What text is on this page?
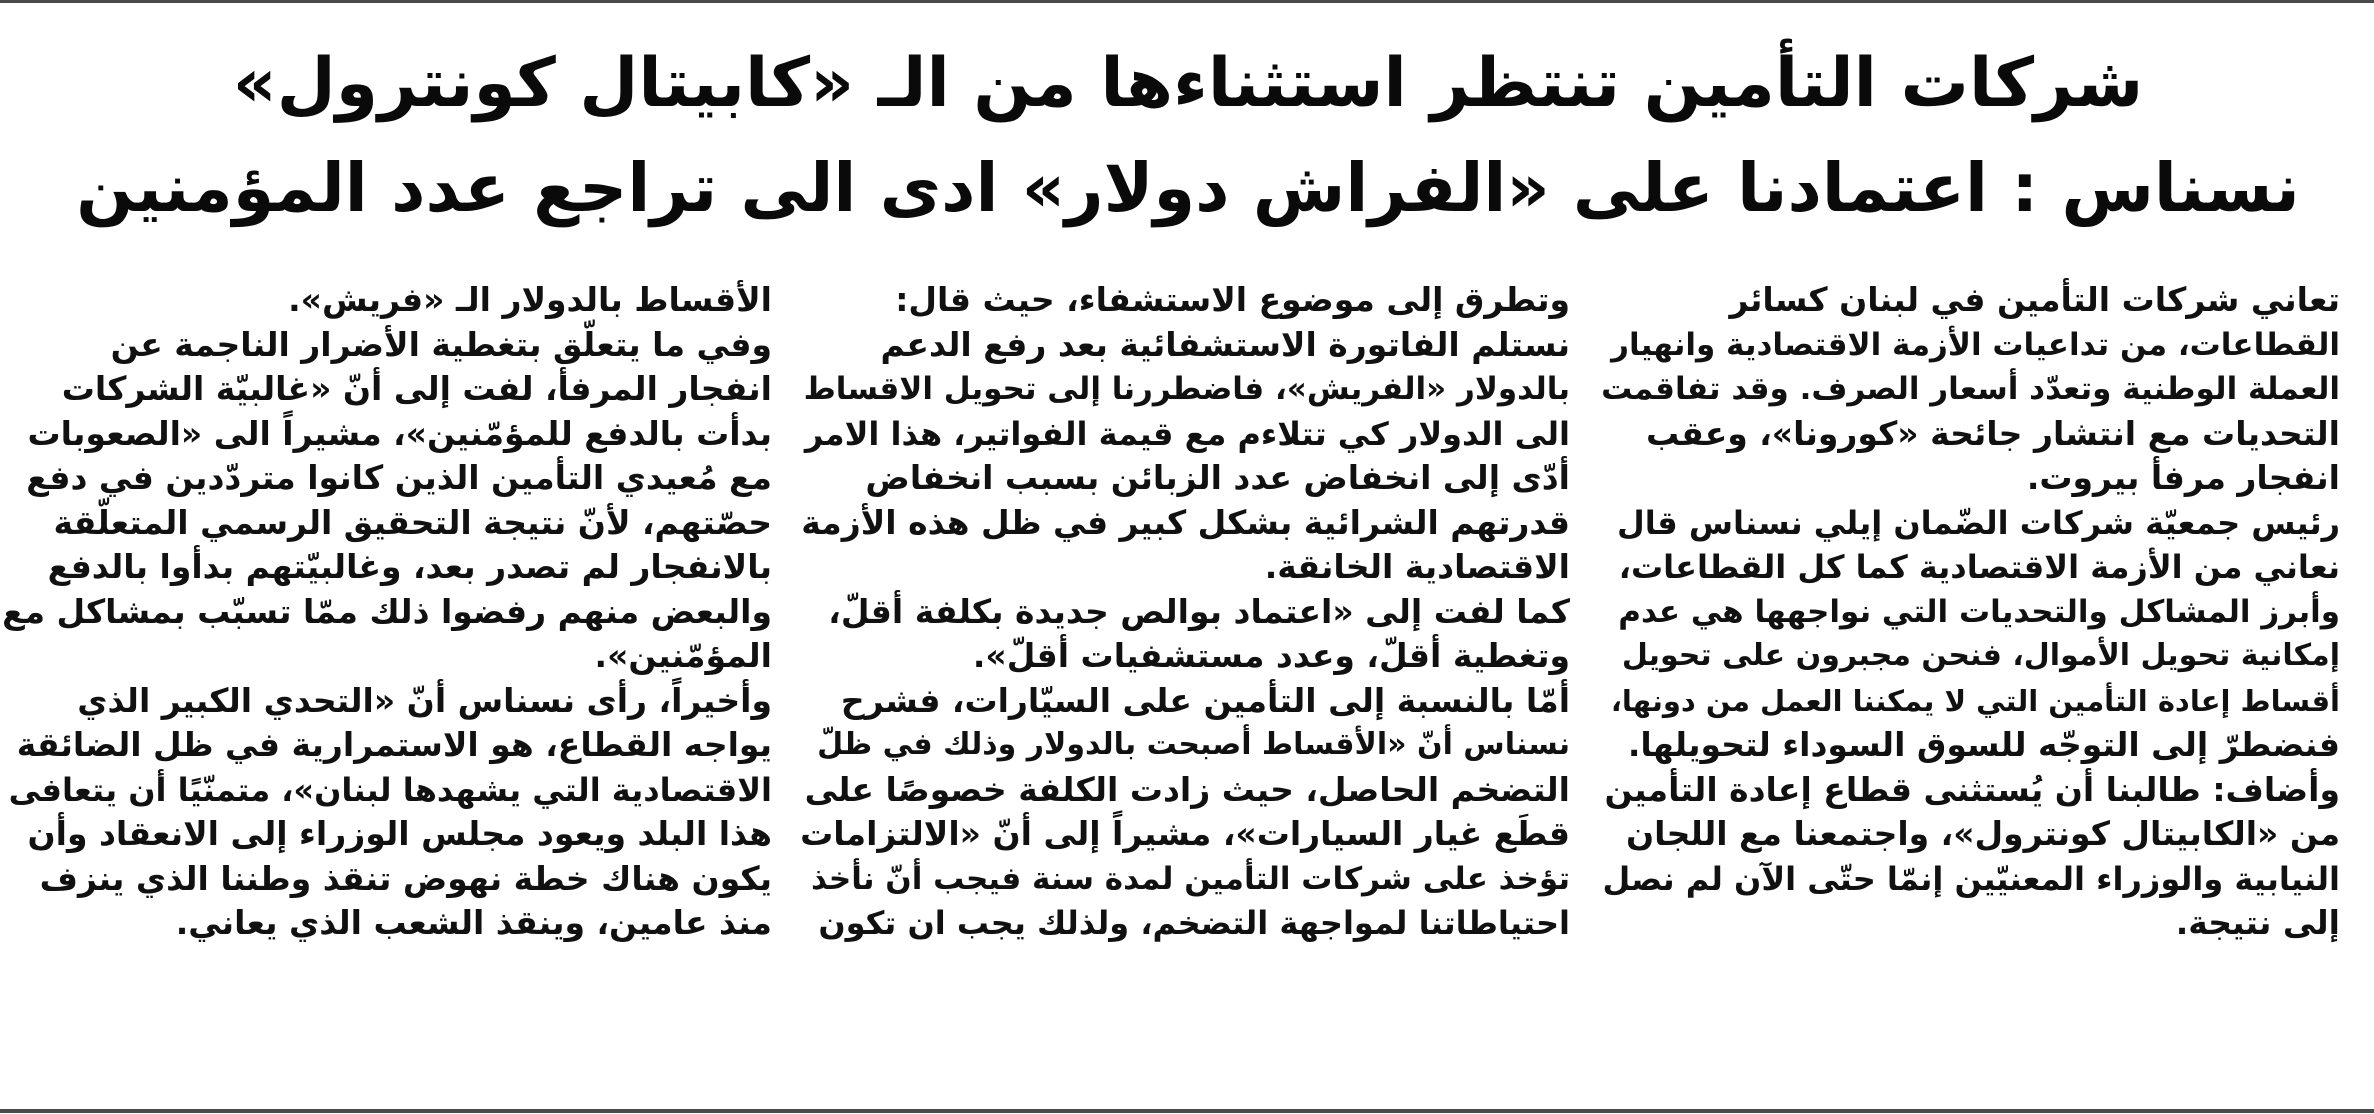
شركات التأمين تنتظر استثناءها من الـ «كابيتال كونترول»
نسناس : اعتمادنا على «الفراش دولار» ادى الى تراجع عدد المؤمنين
تعاني شركات التأمين في لبنان كسائر
القطاعات، من تداعيات الأزمة الاقتصادية وانهيار
العملة الوطنية وتعدّد أسعار الصرف. وقد تفاقمت
التحديات مع انتشار جائحة «كورونا»، وعقب
انفجار مرفأ بيروت.
رئيس جمعيّة شركات الضّمان إيلي نسناس قال
نعاني من الأزمة الاقتصادية كما كل القطاعات،
وأبرز المشاكل والتحديات التي نواجهها هي عدم
إمكانية تحويل الأموال، فنحن مجبرون على تحويل
أقساط إعادة التأمين التي لا يمكننا العمل من دونها،
فنضطرّ إلى التوجّه للسوق السوداء لتحويلها.
وأضاف: طالبنا أن يُستثنى قطاع إعادة التأمين
من «الكابيتال كونترول»، واجتمعنا مع اللجان
النيابية والوزراء المعنيّين إنمّا حتّى الآن لم نصل
إلى نتيجة.
وتطرق إلى موضوع الاستشفاء، حيث قال:
نستلم الفاتورة الاستشفائية بعد رفع الدعم
بالدولار «الفريش»، فاضطررنا إلى تحويل الاقساط
الى الدولار كي تتلاءم مع قيمة الفواتير، هذا الامر
أدّى إلى انخفاض عدد الزبائن بسبب انخفاض
قدرتهم الشرائية بشكل كبير في ظل هذه الأزمة
الاقتصادية الخانقة.
كما لفت إلى «اعتماد بوالص جديدة بكلفة أقلّ،
وتغطية أقلّ، وعدد مستشفيات أقلّ».
أمّا بالنسبة إلى التأمين على السيّارات، فشرح
نسناس أنّ «الأقساط أصبحت بالدولار وذلك في ظلّ
التضخم الحاصل، حيث زادت الكلفة خصوصًا على
قطَع غيار السيارات»، مشيراً إلى أنّ «الالتزامات
تؤخذ على شركات التأمين لمدة سنة فيجب أنّ نأخذ
احتياطاتنا لمواجهة التضخم، ولذلك يجب ان تكون
الأقساط بالدولار الـ «فريش».
وفي ما يتعلّق بتغطية الأضرار الناجمة عن
انفجار المرفأ، لفت إلى أنّ «غالبيّة الشركات
بدأت بالدفع للمؤمّنين»، مشيراً الى «الصعوبات
مع مُعيدي التأمين الذين كانوا متردّدين في دفع
حصّتهم، لأنّ نتيجة التحقيق الرسمي المتعلّقة
بالانفجار لم تصدر بعد، وغالبيّتهم بدأوا بالدفع
والبعض منهم رفضوا ذلك ممّا تسبّب بمشاكل مع
المؤمّنين».
وأخيراً، رأى نسناس أنّ «التحدي الكبير الذي
يواجه القطاع، هو الاستمرارية في ظل الضائقة
الاقتصادية التي يشهدها لبنان»، متمنّيًا أن يتعافى
هذا البلد ويعود مجلس الوزراء إلى الانعقاد وأن
يكون هناك خطة نهوض تنقذ وطننا الذي ينزف
منذ عامين، وينقذ الشعب الذي يعاني.
